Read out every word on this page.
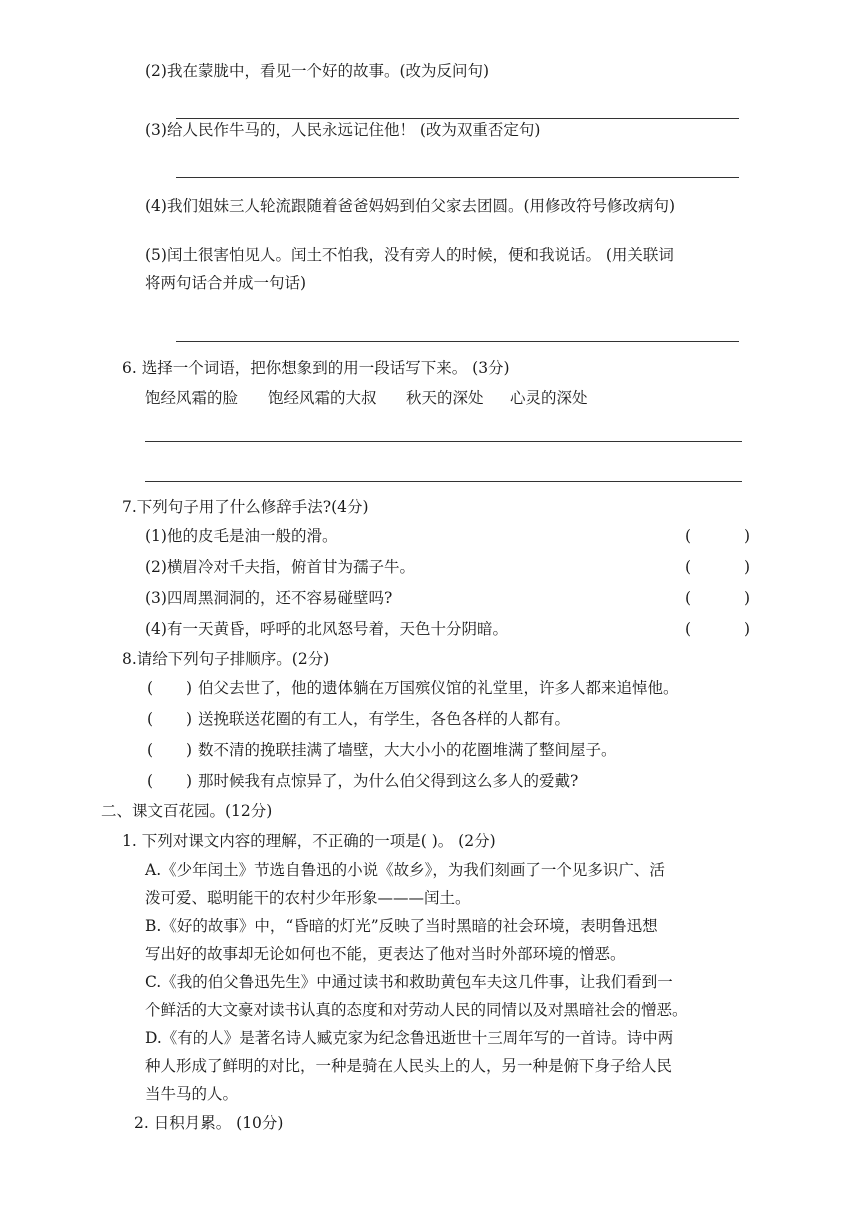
(2)我在蒙胧中，看见一个好的故事。(改为反问句)
(3)给人民作牛马的，人民永远记住他！ (改为双重否定句)
(4)我们姐妹三人轮流跟随着爸爸妈妈到伯父家去团圆。(用修改符号修改病句)
(5)闰土很害怕见人。闰土不怕我，没有旁人的时候，便和我说话。 (用关联词
将两句话合并成一句话)
6. 选择一个词语，把你想象到的用一段话写下来。 (3分)
饱经风霜的脸 饱经风霜的大叔 秋天的深处 心灵的深处
7.下列句子用了什么修辞手法?(4分)
(1)他的皮毛是油一般的滑。	(	)
(2)横眉冷对千夫指，俯首甘为孺子牛。	(	)
(3)四周黑洞洞的，还不容易碰壁吗?	(	)
(4)有一天黄昏，呼呼的北风怒号着，天色十分阴暗。	(	)
8.请给下列句子排顺序。(2分)
( ) 伯父去世了，他的遗体躺在万国殡仪馆的礼堂里，许多人都来追悼他。
( ) 送挽联送花圈的有工人，有学生，各色各样的人都有。
( ) 数不清的挽联挂满了墙壁，大大小小的花圈堆满了整间屋子。
( ) 那时候我有点惊异了，为什么伯父得到这么多人的爱戴?
二、课文百花园。(12分)
1. 下列对课文内容的理解，不正确的一项是( )。 (2分)
A.《少年闰土》节选自鲁迅的小说《故乡》，为我们刻画了一个见多识广、活
泼可爱、聪明能干的农村少年形象———闰土。
B.《好的故事》中，“昏暗的灯光”反映了当时黑暗的社会环境，表明鲁迅想
写出好的故事却无论如何也不能，更表达了他对当时外部环境的憎恶。
C.《我的伯父鲁迅先生》中通过读书和救助黄包车夫这几件事，让我们看到一
个鲜活的大文豪对读书认真的态度和对劳动人民的同情以及对黑暗社会的憎恶。
D.《有的人》是著名诗人臧克家为纪念鲁迅逝世十三周年写的一首诗。诗中两
种人形成了鲜明的对比，一种是骑在人民头上的人，另一种是俯下身子给人民
当牛马的人。
2. 日积月累。 (10分)
